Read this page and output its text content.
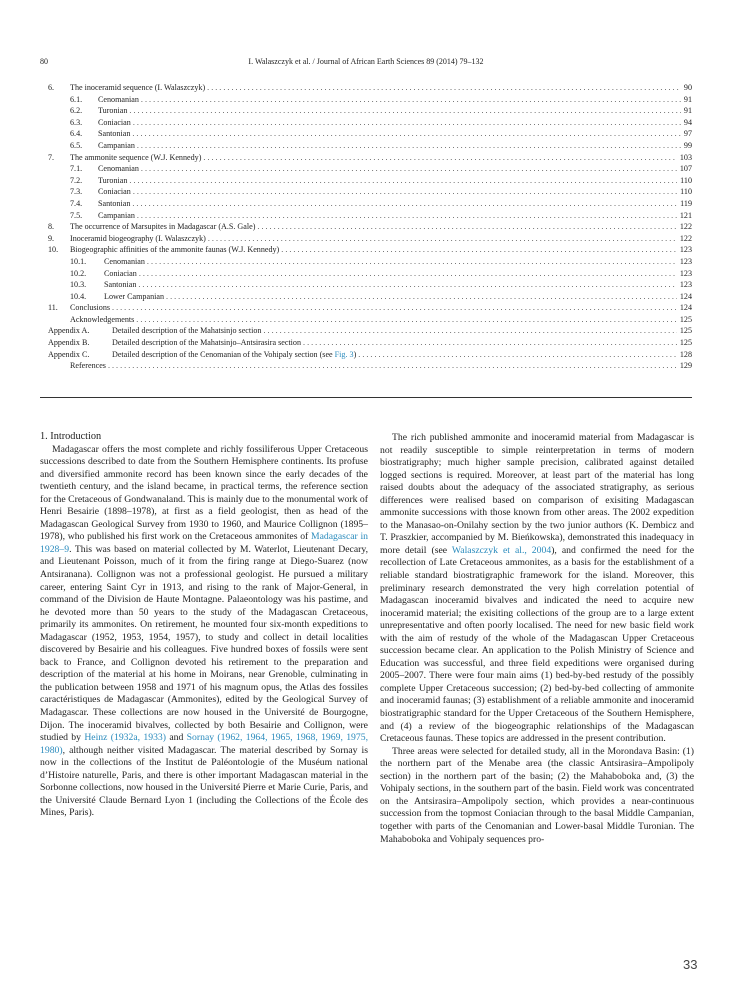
80	I. Walaszczyk et al. / Journal of African Earth Sciences 89 (2014) 79–132
6.	The inoceramid sequence (I. Walaszczyk) . . .	90
6.1.	Cenomanian . . .	91
6.2.	Turonian . . .	91
6.3.	Coniacian . . .	94
6.4.	Santonian . . .	97
6.5.	Campanian . . .	99
7.	The ammonite sequence (W.J. Kennedy) . . .	103
7.1.	Cenomanian . . .	107
7.2.	Turonian . . .	110
7.3.	Coniacian . . .	110
7.4.	Santonian . . .	119
7.5.	Campanian . . .	121
8.	The occurrence of Marsupites in Madagascar (A.S. Gale) . . .	122
9.	Inoceramid biogeography (I. Walaszczyk) . . .	122
10.	Biogeographic affinities of the ammonite faunas (W.J. Kennedy) . . .	123
10.1.	Cenomanian . . .	123
10.2.	Coniacian . . .	123
10.3.	Santonian . . .	123
10.4.	Lower Campanian . . .	124
11.	Conclusions . . .	124
Acknowledgements . . .	125
Appendix A.	Detailed description of the Mahatsinjo section . . .	125
Appendix B.	Detailed description of the Mahatsinjo–Antsirasira section . . .	125
Appendix C.	Detailed description of the Cenomanian of the Vohipaly section (see Fig. 3) . . .	128
References . . .	129

1. Introduction

Madagascar offers the most complete and richly fossiliferous Upper Cretaceous successions described to date from the Southern Hemisphere continents. Its profuse and diversified ammonite record has been known since the early decades of the twentieth century, and the island became, in practical terms, the reference section for the Cretaceous of Gondwanaland. This is mainly due to the monumental work of Henri Besairie (1898–1978), at first as a field geologist, then as head of the Madagascan Geological Survey from 1930 to 1960, and Maurice Collignon (1895–1978), who published his first work on the Cretaceous ammonites of Madagascar in 1928–9. This was based on material collected by M. Waterlot, Lieutenant Decary, and Lieutenant Poisson, much of it from the firing range at Diego-Suarez (now Antsiranana). Collignon was not a professional geologist. He pursued a military career, entering Saint Cyr in 1913, and rising to the rank of Major-General, in command of the Division de Haute Montagne. Palaeontology was his pastime, and he devoted more than 50 years to the study of the Madagascan Cretaceous, primarily its ammonites. On retirement, he mounted four six-month expeditions to Madagascar (1952, 1953, 1954, 1957), to study and collect in detail localities discovered by Besairie and his colleagues. Five hundred boxes of fossils were sent back to France, and Collignon devoted his retirement to the preparation and description of the material at his home in Moirans, near Grenoble, culminating in the publication between 1958 and 1971 of his magnum opus, the Atlas des fossiles caractéristiques de Madagascar (Ammonites), edited by the Geological Survey of Madagascar. These collections are now housed in the Université de Bourgogne, Dijon. The inoceramid bivalves, collected by both Besairie and Collignon, were studied by Heinz (1932a, 1933) and Sornay (1962, 1964, 1965, 1968, 1969, 1975, 1980), although neither visited Madagascar. The material described by Sornay is now in the collections of the Institut de Paléontologie of the Muséum national d’Histoire naturelle, Paris, and there is other important Madagascan material in the Sorbonne collections, now housed in the Université Pierre et Marie Curie, Paris, and the Université Claude Bernard Lyon 1 (including the Collections of the École des Mines, Paris).

The rich published ammonite and inoceramid material from Madagascar is not readily susceptible to simple reinterpretation in terms of modern biostratigraphy; much higher sample precision, calibrated against detailed logged sections is required. Moreover, at least part of the material has long raised doubts about the adequacy of the associated stratigraphy, as serious differences were realised based on comparison of exisiting Madagascan ammonite successions with those known from other areas. The 2002 expedition to the Manasao-on-Onilahy section by the two junior authors (K. Dembicz and T. Praszkier, accompanied by M. Bieńkowska), demonstrated this inadequacy in more detail (see Walaszczyk et al., 2004), and confirmed the need for the recollection of Late Cretaceous ammonites, as a basis for the establishment of a reliable standard biostratigraphic framework for the island. Moreover, this preliminary research demonstrated the very high correlation potential of Madagascan inoceramid bivalves and indicated the need to acquire new inoceramid material; the exisiting collections of the group are to a large extent unrepresentative and often poorly localised. The need for new basic field work with the aim of restudy of the whole of the Madagascan Upper Cretaceous succession became clear. An application to the Polish Ministry of Science and Education was successful, and three field expeditions were organised during 2005–2007. There were four main aims (1) bed-by-bed restudy of the possibly complete Upper Cretaceous succession; (2) bed-by-bed collecting of ammonite and inoceramid faunas; (3) establishment of a reliable ammonite and inoceramid biostratigraphic standard for the Upper Cretaceous of the Southern Hemisphere, and (4) a review of the biogeographic relationships of the Madagascan Cretaceous faunas. These topics are addressed in the present contribution.

Three areas were selected for detailed study, all in the Morondava Basin: (1) the northern part of the Menabe area (the classic Antsirasira–Ampolipoly section) in the northern part of the basin; (2) the Mahaboboka and, (3) the Vohipaly sections, in the southern part of the basin. Field work was concentrated on the Antsirasira–Ampolipoly section, which provides a near-continuous succession from the topmost Coniacian through to the basal Middle Campanian, together with parts of the Cenomanian and Lower-basal Middle Turonian. The Mahaboboka and Vohipaly sequences pro-

33
